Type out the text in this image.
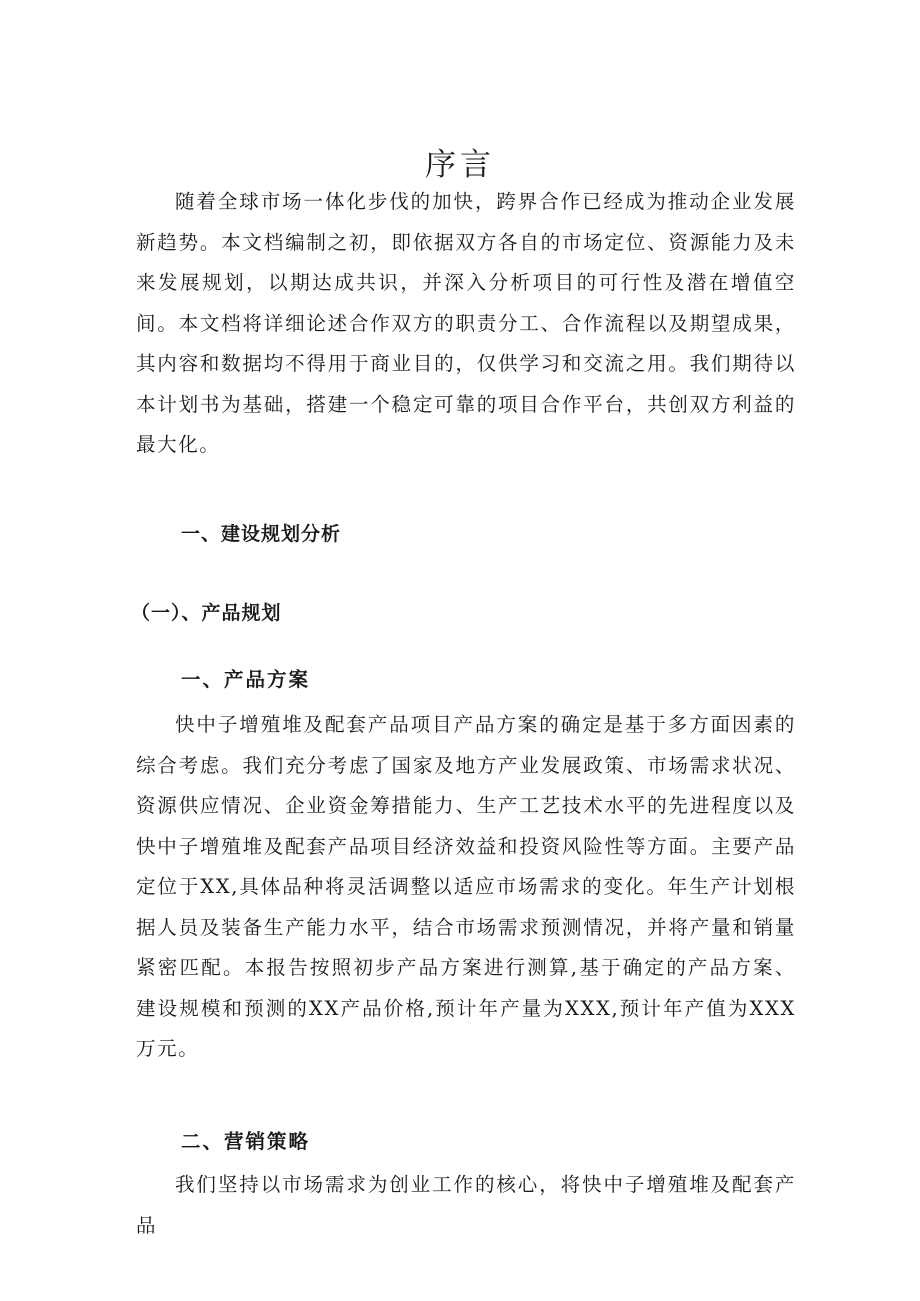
序言

随着全球市场一体化步伐的加快，跨界合作已经成为推动企业发展新趋势。本文档编制之初，即依据双方各自的市场定位、资源能力及未来发展规划，以期达成共识，并深入分析项目的可行性及潜在增值空间。本文档将详细论述合作双方的职责分工、合作流程以及期望成果，其内容和数据均不得用于商业目的，仅供学习和交流之用。我们期待以本计划书为基础，搭建一个稳定可靠的项目合作平台，共创双方利益的最大化。

一、建设规划分析
（一）、产品规划
一、产品方案

快中子增殖堆及配套产品项目产品方案的确定是基于多方面因素的综合考虑。我们充分考虑了国家及地方产业发展政策、市场需求状况、资源供应情况、企业资金筹措能力、生产工艺技术水平的先进程度以及快中子增殖堆及配套产品项目经济效益和投资风险性等方面。主要产品定位于XX,具体品种将灵活调整以适应市场需求的变化。年生产计划根据人员及装备生产能力水平，结合市场需求预测情况，并将产量和销量紧密匹配。本报告按照初步产品方案进行测算,基于确定的产品方案、建设规模和预测的XX产品价格,预计年产量为XXX,预计年产值为XXX万元。

二、营销策略

我们坚持以市场需求为创业工作的核心，将快中子增殖堆及配套产品
